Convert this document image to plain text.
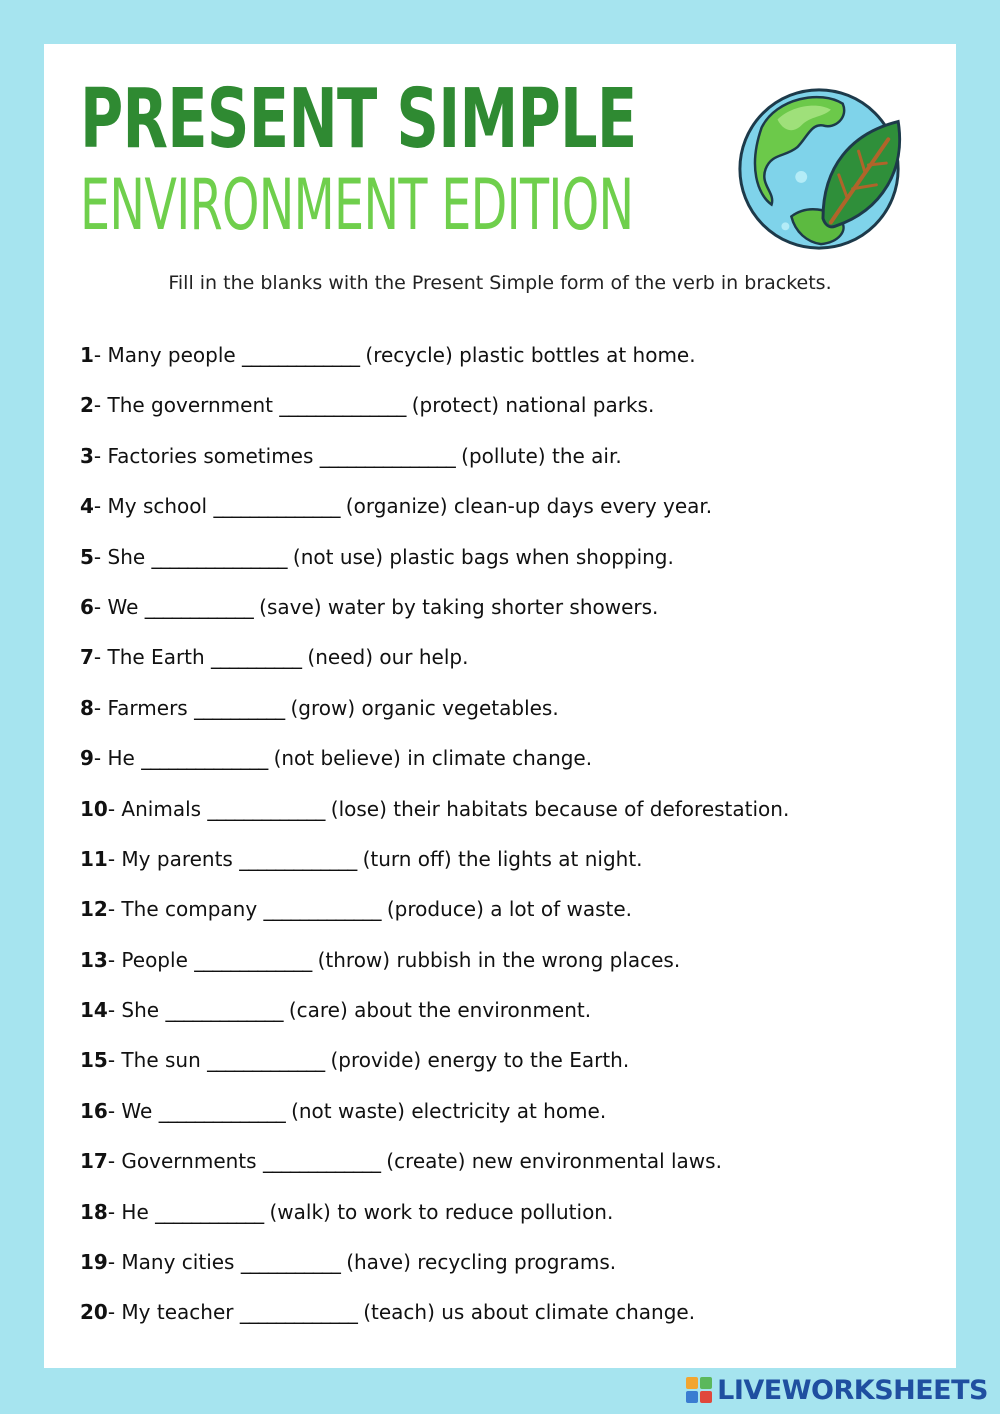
PRESENT SIMPLE
ENVIRONMENT EDITION
Fill in the blanks with the Present Simple form of the verb in brackets.
1- Many people _____________ (recycle) plastic bottles at home.
2- The government ______________ (protect) national parks.
3- Factories sometimes _______________ (pollute) the air.
4- My school ______________ (organize) clean-up days every year.
5- She _______________ (not use) plastic bags when shopping.
6- We ____________ (save) water by taking shorter showers.
7- The Earth __________ (need) our help.
8- Farmers __________ (grow) organic vegetables.
9- He ______________ (not believe) in climate change.
10- Animals _____________ (lose) their habitats because of deforestation.
11- My parents _____________ (turn off) the lights at night.
12- The company _____________ (produce) a lot of waste.
13- People _____________ (throw) rubbish in the wrong places.
14- She _____________ (care) about the environment.
15- The sun _____________ (provide) energy to the Earth.
16- We ______________ (not waste) electricity at home.
17- Governments _____________ (create) new environmental laws.
18- He ____________ (walk) to work to reduce pollution.
19- Many cities ___________ (have) recycling programs.
20- My teacher _____________ (teach) us about climate change.
LIVEWORKSHEETS
